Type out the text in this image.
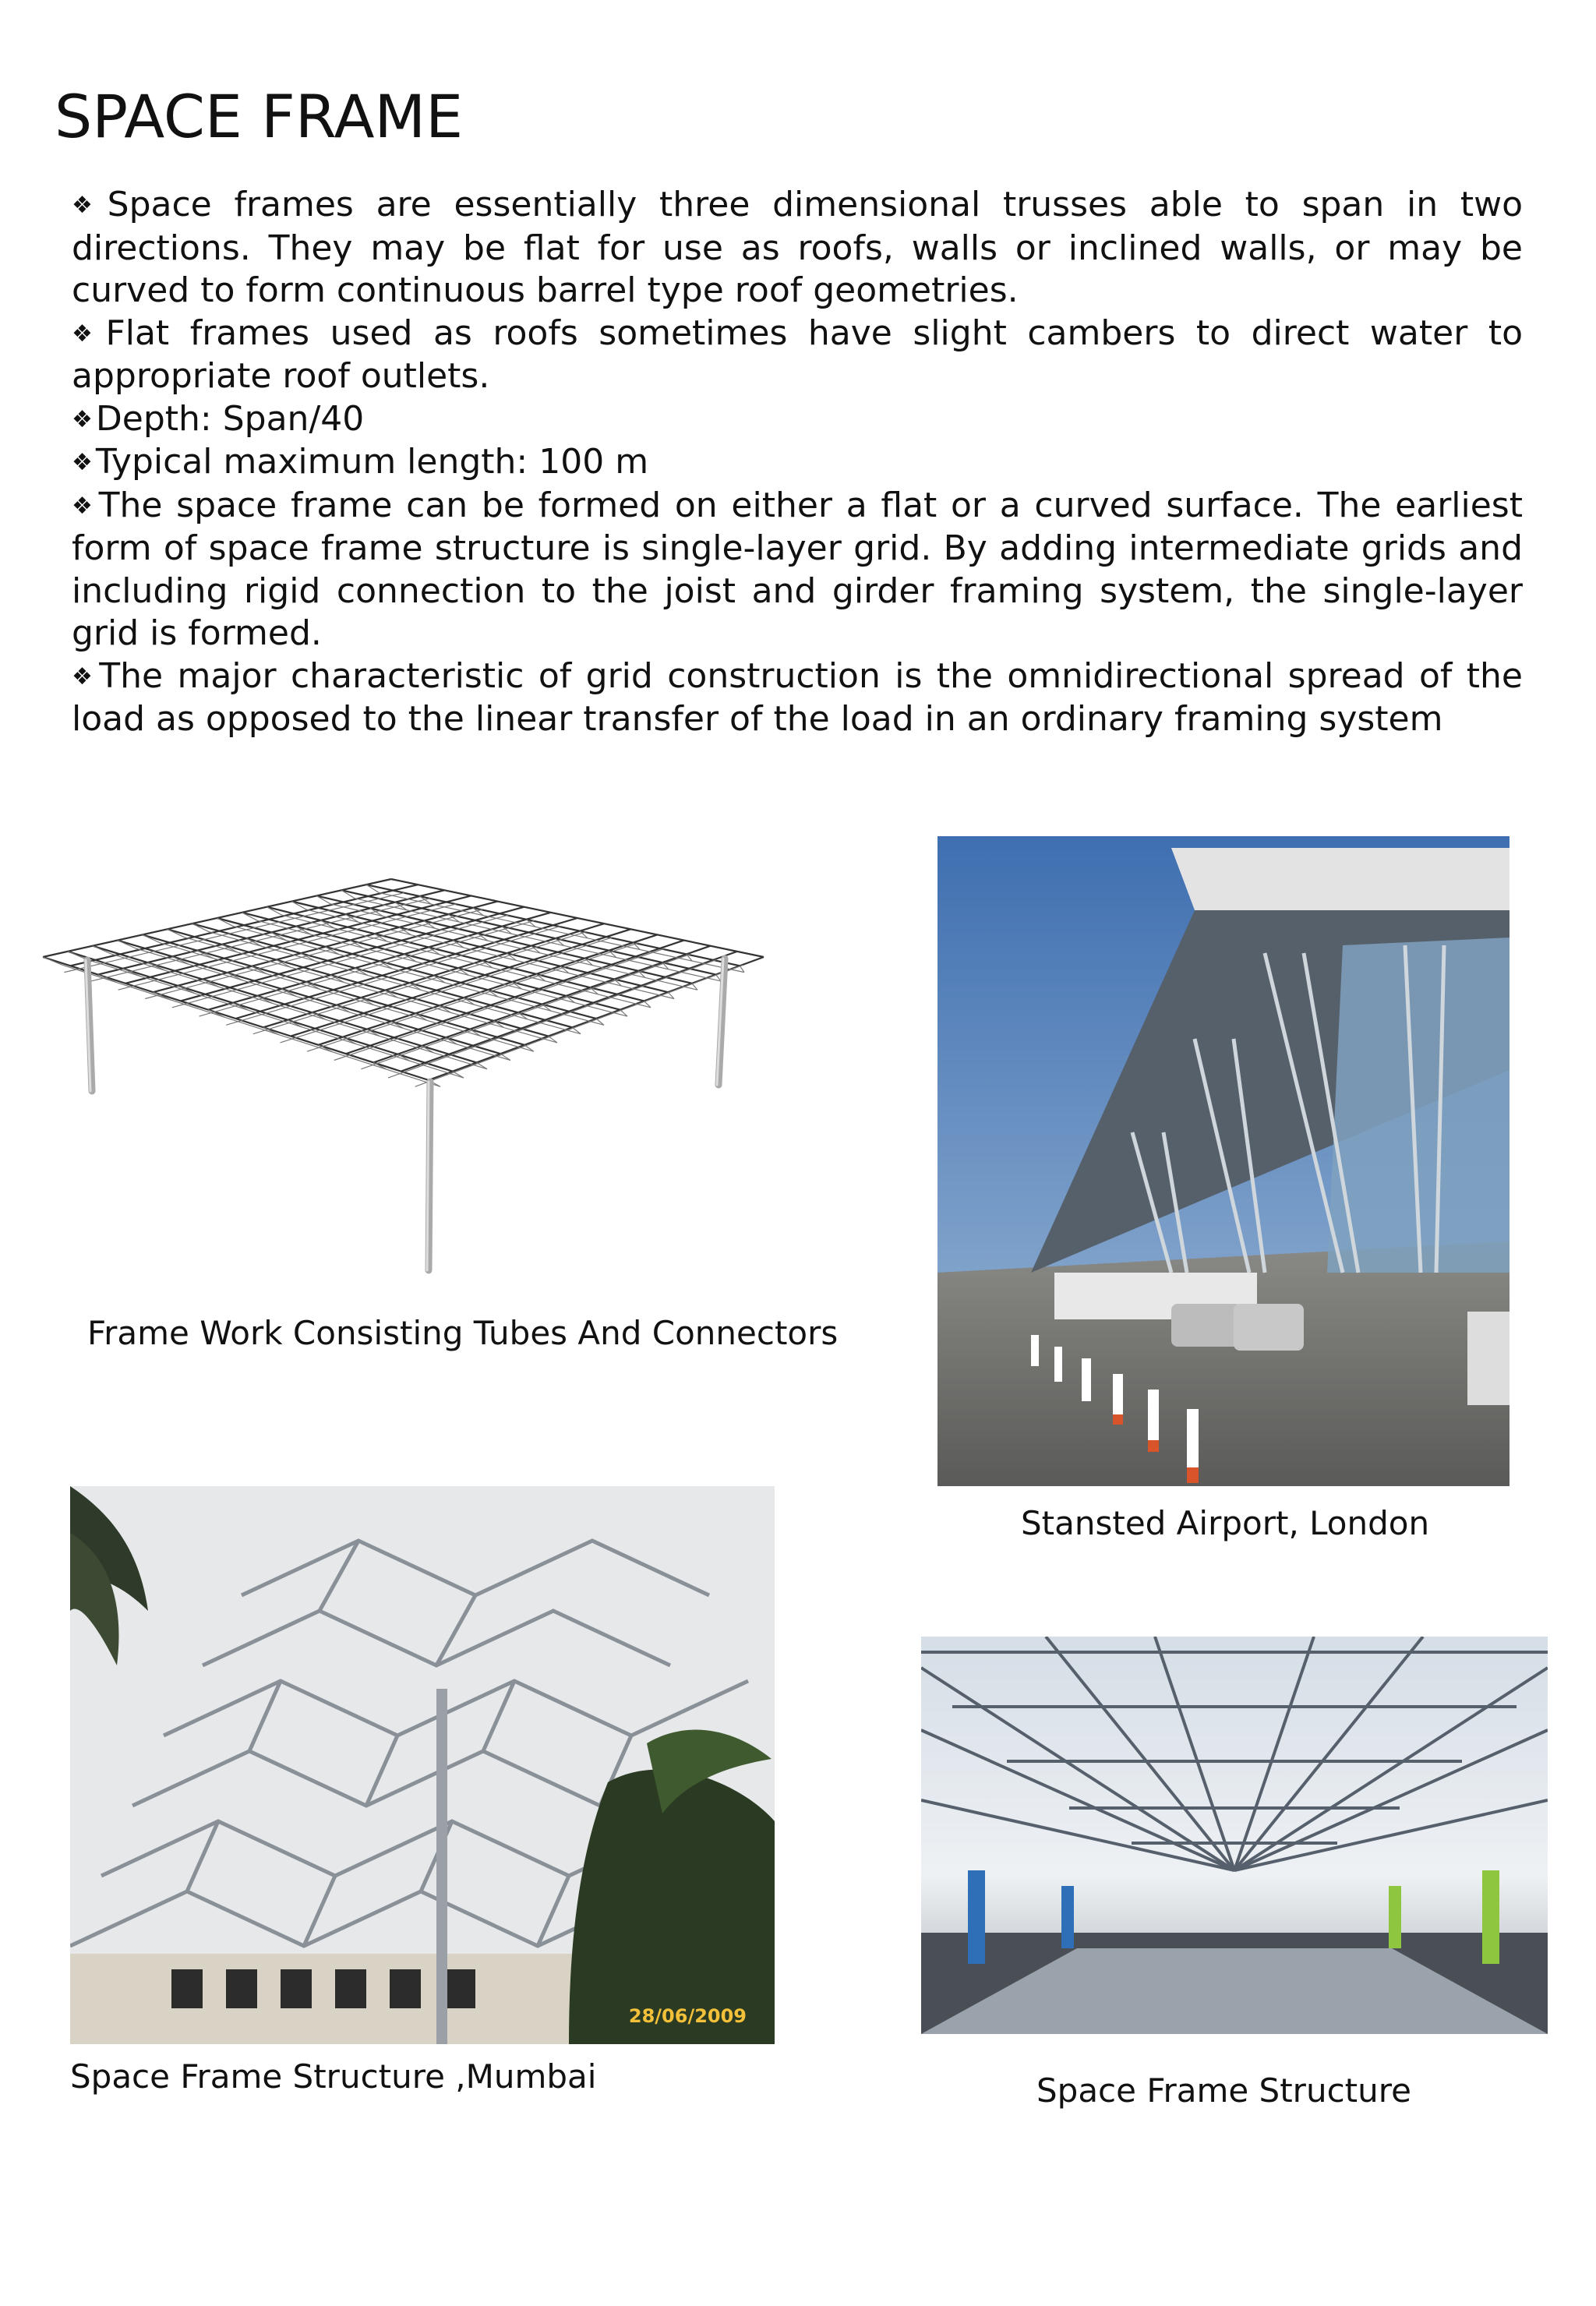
SPACE FRAME
❖ Space frames are essentially three dimensional trusses able to span in two directions. They may be flat for use as roofs, walls or inclined walls, or may be curved to form continuous barrel type roof geometries.
❖ Flat frames used as roofs sometimes have slight cambers to direct water to appropriate roof outlets.
❖ Depth: Span/40
❖ Typical maximum length: 100 m
❖ The space frame can be formed on either a flat or a curved surface. The earliest form of space frame structure is single-layer grid. By adding intermediate grids and including rigid connection to the joist and girder framing system, the single-layer grid is formed.
❖ The major characteristic of grid construction is the omnidirectional spread of the load as opposed to the linear transfer of the load in an ordinary framing system
Frame Work Consisting Tubes And Connectors
Stansted Airport, London
28/06/2009
Space Frame Structure ,Mumbai	Space Frame Structure
